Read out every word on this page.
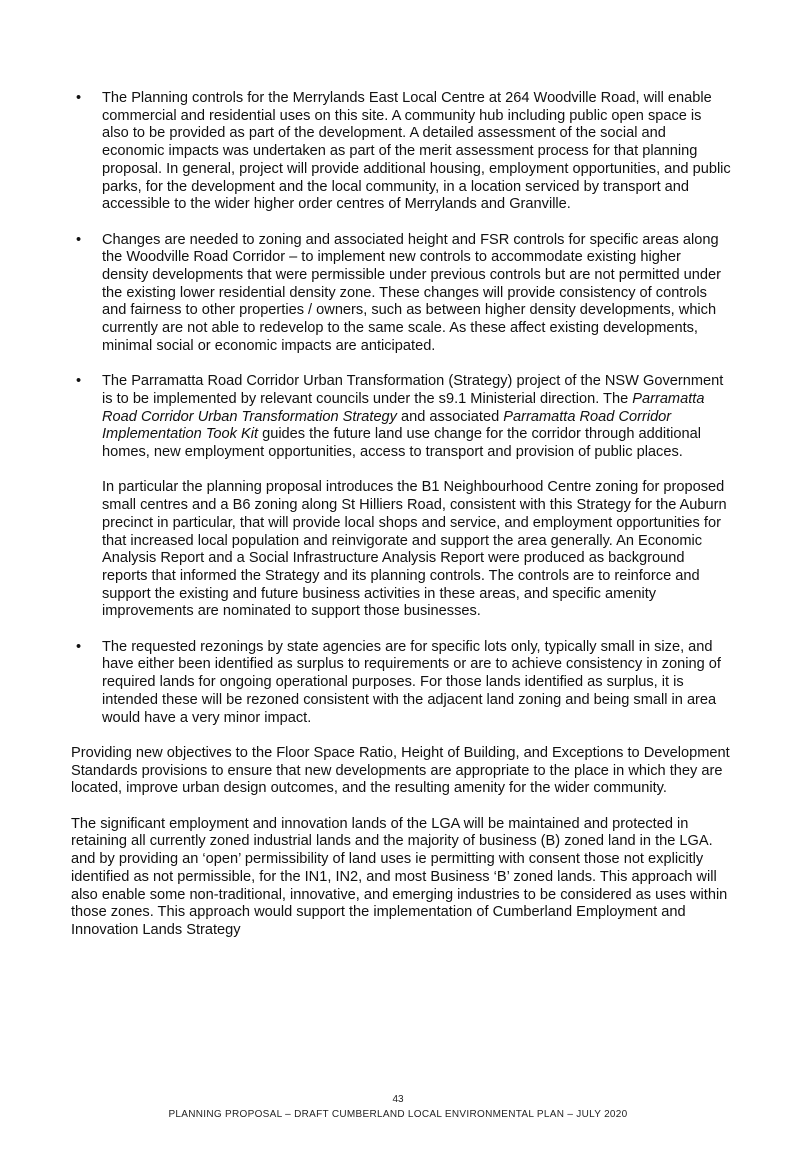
• The Planning controls for the Merrylands East Local Centre at 264 Woodville Road, will enable commercial and residential uses on this site. A community hub including public open space is also to be provided as part of the development. A detailed assessment of the social and economic impacts was undertaken as part of the merit assessment process for that planning proposal. In general, project will provide additional housing, employment opportunities, and public parks, for the development and the local community, in a location serviced by transport and accessible to the wider higher order centres of Merrylands and Granville.

• Changes are needed to zoning and associated height and FSR controls for specific areas along the Woodville Road Corridor – to implement new controls to accommodate existing higher density developments that were permissible under previous controls but are not permitted under the existing lower residential density zone. These changes will provide consistency of controls and fairness to other properties / owners, such as between higher density developments, which currently are not able to redevelop to the same scale. As these affect existing developments, minimal social or economic impacts are anticipated.

• The Parramatta Road Corridor Urban Transformation (Strategy) project of the NSW Government is to be implemented by relevant councils under the s9.1 Ministerial direction. The Parramatta Road Corridor Urban Transformation Strategy and associated Parramatta Road Corridor Implementation Took Kit guides the future land use change for the corridor through additional homes, new employment opportunities, access to transport and provision of public places.

In particular the planning proposal introduces the B1 Neighbourhood Centre zoning for proposed small centres and a B6 zoning along St Hilliers Road, consistent with this Strategy for the Auburn precinct in particular, that will provide local shops and service, and employment opportunities for that increased local population and reinvigorate and support the area generally. An Economic Analysis Report and a Social Infrastructure Analysis Report were produced as background reports that informed the Strategy and its planning controls. The controls are to reinforce and support the existing and future business activities in these areas, and specific amenity improvements are nominated to support those businesses.

• The requested rezonings by state agencies are for specific lots only, typically small in size, and have either been identified as surplus to requirements or are to achieve consistency in zoning of required lands for ongoing operational purposes. For those lands identified as surplus, it is intended these will be rezoned consistent with the adjacent land zoning and being small in area would have a very minor impact.

Providing new objectives to the Floor Space Ratio, Height of Building, and Exceptions to Development Standards provisions to ensure that new developments are appropriate to the place in which they are located, improve urban design outcomes, and the resulting amenity for the wider community.

The significant employment and innovation lands of the LGA will be maintained and protected in retaining all currently zoned industrial lands and the majority of business (B) zoned land in the LGA. and by providing an ‘open’ permissibility of land uses ie permitting with consent those not explicitly identified as not permissible, for the IN1, IN2, and most Business ‘B’ zoned lands. This approach will also enable some non-traditional, innovative, and emerging industries to be considered as uses within those zones. This approach would support the implementation of Cumberland Employment and Innovation Lands Strategy

43
PLANNING PROPOSAL – DRAFT CUMBERLAND LOCAL ENVIRONMENTAL PLAN – JULY 2020
